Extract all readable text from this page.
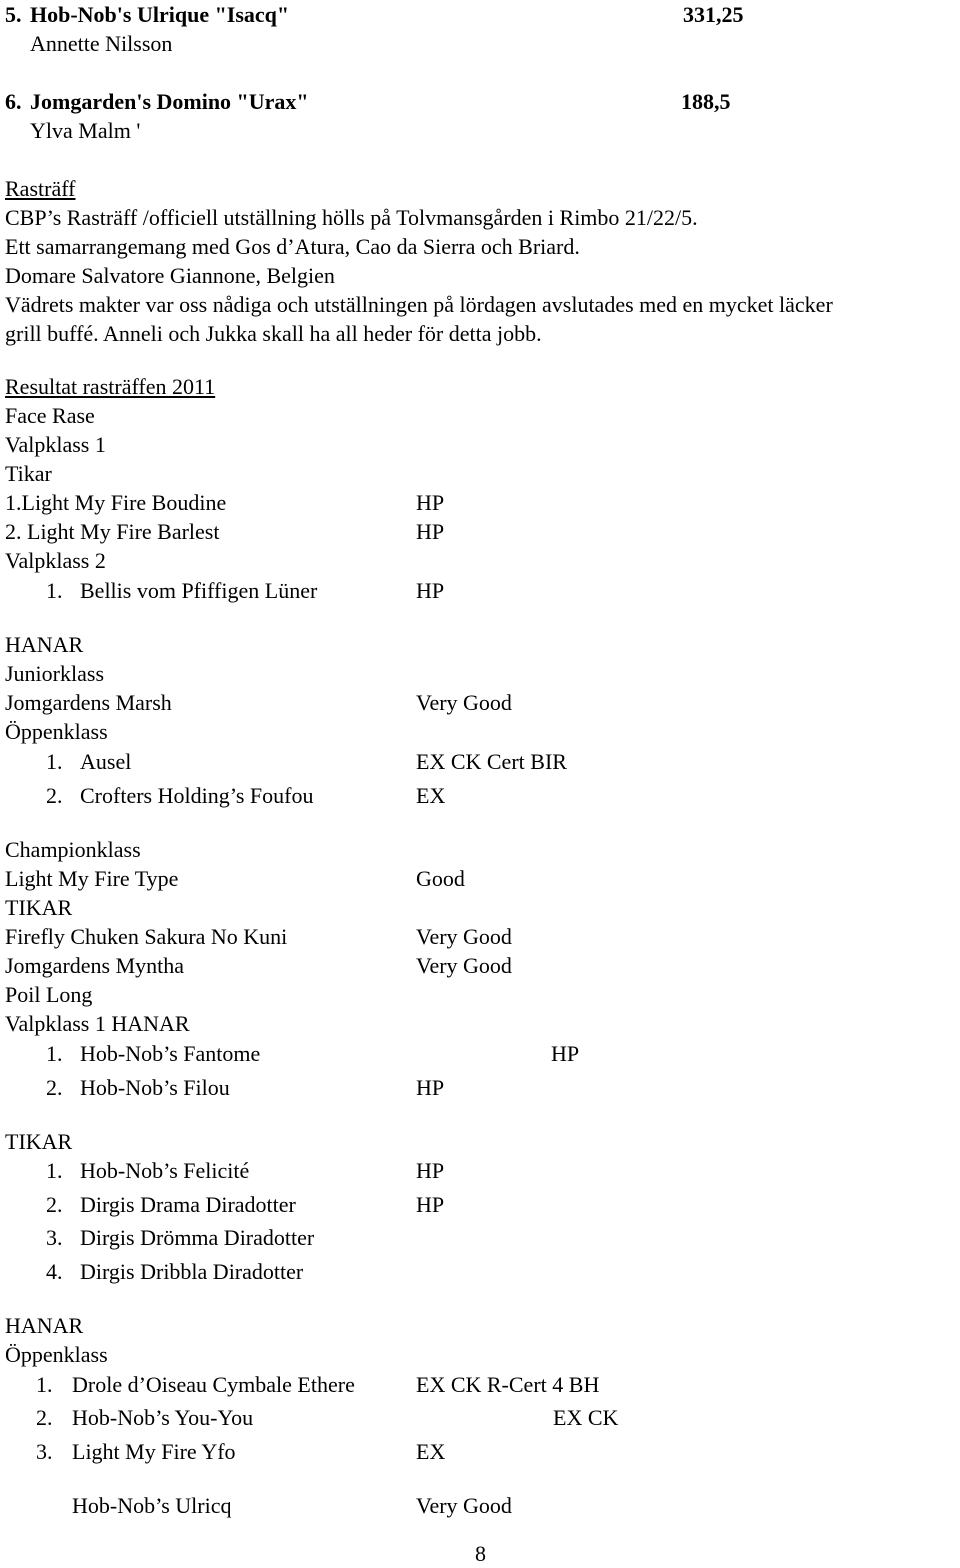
5. Hob-Nob's Ulrique "Isacq"	331,25
Annette Nilsson
6. Jomgarden's Domino "Urax"	188,5
Ylva Malm '
Rasträff
CBP’s Rasträff /officiell utställning hölls på Tolvmansgården i Rimbo 21/22/5.
Ett samarrangemang med Gos d’Atura, Cao da Sierra och Briard.
Domare Salvatore Giannone, Belgien
Vädrets makter var oss nådiga och utställningen på lördagen avslutades med en mycket läcker
grill buffé. Anneli och Jukka skall ha all heder för detta jobb.
Resultat rasträffen 2011
Face Rase
Valpklass 1
Tikar
1.Light My Fire Boudine	HP
2. Light My Fire Barlest	HP
Valpklass 2
1. Bellis vom Pfiffigen Lüner	HP
HANAR
Juniorklass
Jomgardens Marsh	Very Good
Öppenklass
1. Ausel	EX CK Cert BIR
2. Crofters Holding’s Foufou	EX
Championklass
Light My Fire Type	Good
TIKAR
Firefly Chuken Sakura No Kuni	Very Good
Jomgardens Myntha	Very Good
Poil Long
Valpklass 1 HANAR
1. Hob-Nob’s Fantome	HP
2. Hob-Nob’s Filou	HP
TIKAR
1. Hob-Nob’s Felicité	HP
2. Dirgis Drama Diradotter	HP
3. Dirgis Drömma Diradotter
4. Dirgis Dribbla Diradotter
HANAR
Öppenklass
1. Drole d’Oiseau Cymbale Ethere	EX CK R-Cert 4 BH
2. Hob-Nob’s You-You	EX CK
3. Light My Fire Yfo	EX
Hob-Nob’s Ulricq	Very Good
8
